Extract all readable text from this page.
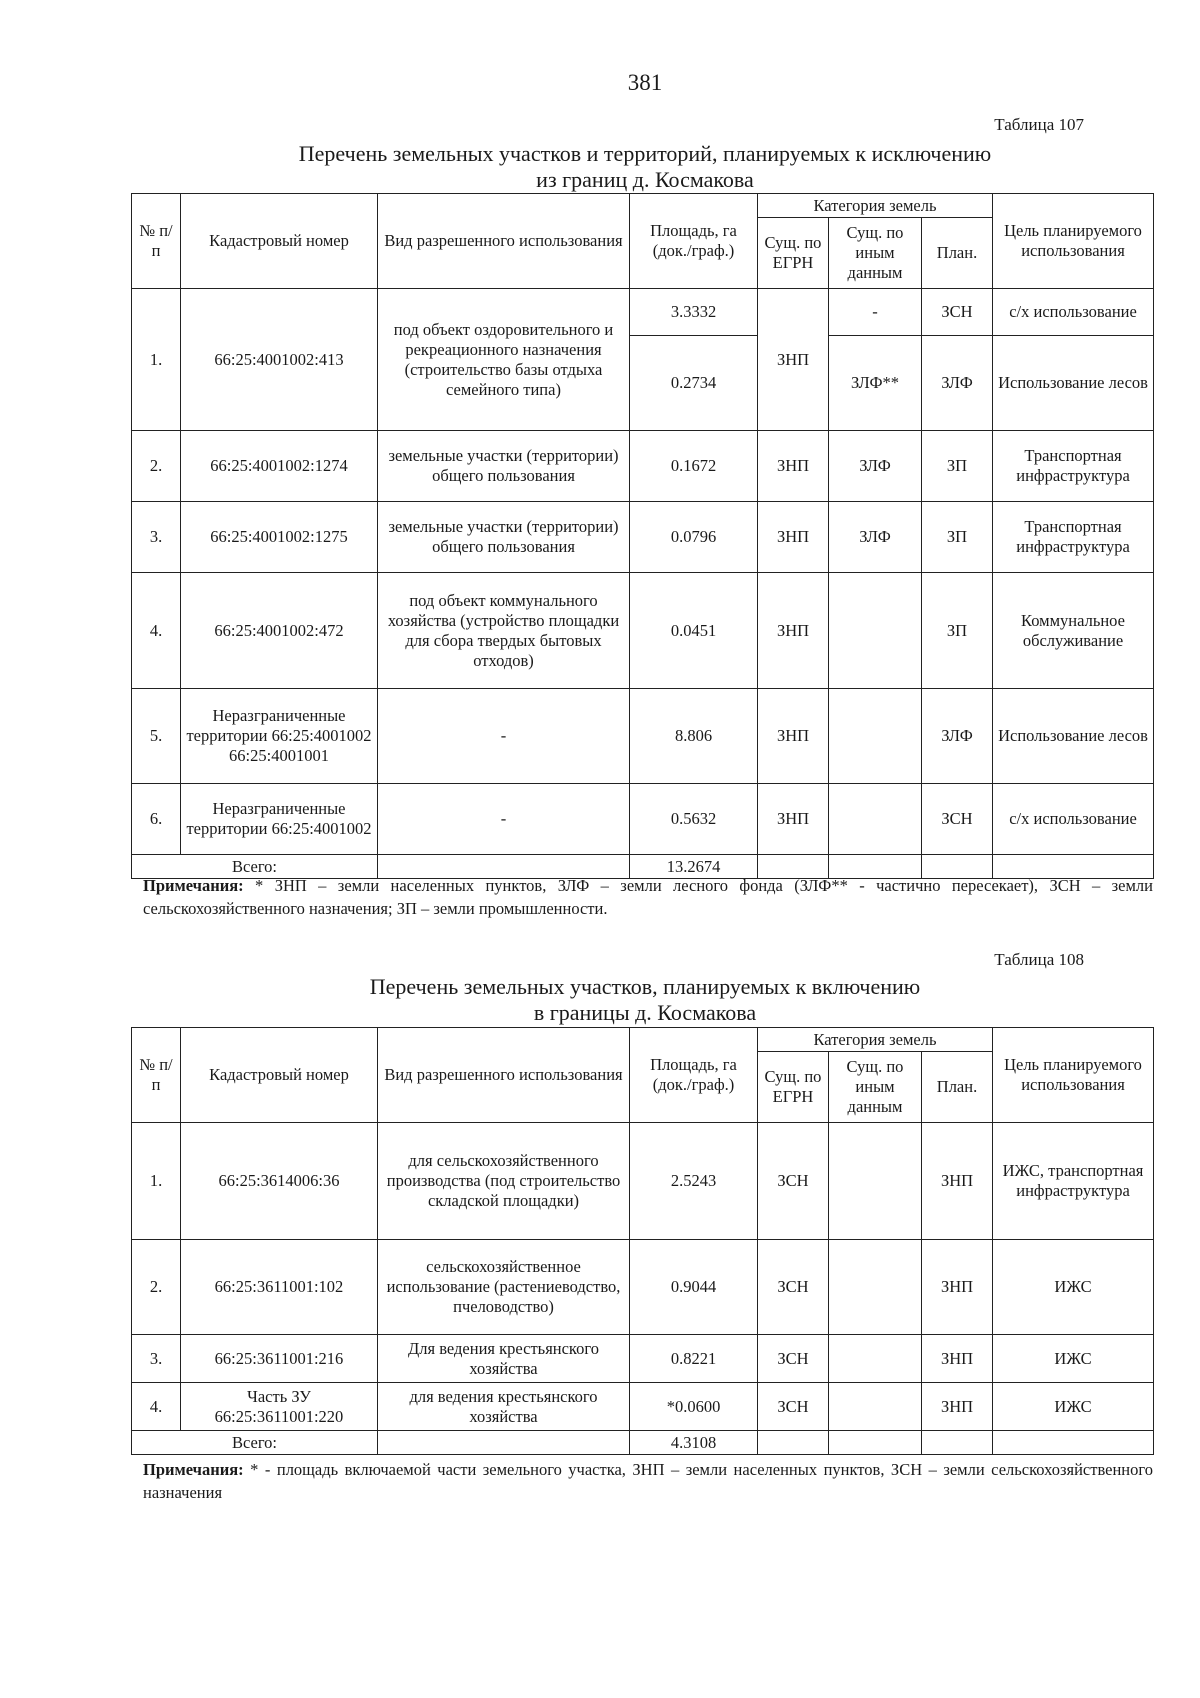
381
Таблица 107
Перечень земельных участков и территорий, планируемых к исключению
из границ д. Космакова
№ п/п	Кадастровый номер	Вид разрешенного использования	Площадь, га (док./граф.)	Категория земель			Цель планируемого использования
				Сущ. по ЕГРН	Сущ. по иным данным	План.	
1.	66:25:4001002:413	под объект оздоровительного и рекреационного назначения (строительство базы отдыха семейного типа)	3.3332	ЗНП	-	ЗСН	с/х использование
			0.2734		ЗЛФ**	ЗЛФ	Использование лесов
2.	66:25:4001002:1274	земельные участки (территории) общего пользования	0.1672	ЗНП	ЗЛФ	ЗП	Транспортная инфраструктура
3.	66:25:4001002:1275	земельные участки (территории) общего пользования	0.0796	ЗНП	ЗЛФ	ЗП	Транспортная инфраструктура
4.	66:25:4001002:472	под объект коммунального хозяйства (устройство площадки для сбора твердых бытовых отходов)	0.0451	ЗНП		ЗП	Коммунальное обслуживание
5.	Неразграниченные территории 66:25:4001002 66:25:4001001	-	8.806	ЗНП		ЗЛФ	Использование лесов
6.	Неразграниченные территории 66:25:4001002	-	0.5632	ЗНП		ЗСН	с/х использование
Всего:			13.2674				
Примечания: * ЗНП – земли населенных пунктов, ЗЛФ – земли лесного фонда (ЗЛФ** - частично пересекает), ЗСН – земли сельскохозяйственного назначения; ЗП – земли промышленности.
Таблица 108
Перечень земельных участков, планируемых к включению
в границы д. Космакова
№ п/п	Кадастровый номер	Вид разрешенного использования	Площадь, га (док./граф.)	Категория земель			Цель планируемого использования
				Сущ. по ЕГРН	Сущ. по иным данным	План.	
1.	66:25:3614006:36	для сельскохозяйственного производства (под строительство складской площадки)	2.5243	ЗСН		ЗНП	ИЖС, транспортная инфраструктура
2.	66:25:3611001:102	сельскохозяйственное использование (растениеводство, пчеловодство)	0.9044	ЗСН		ЗНП	ИЖС
3.	66:25:3611001:216	Для ведения крестьянского хозяйства	0.8221	ЗСН		ЗНП	ИЖС
4.	Часть ЗУ 66:25:3611001:220	для ведения крестьянского хозяйства	*0.0600	ЗСН		ЗНП	ИЖС
Всего:			4.3108				
Примечания: * - площадь включаемой части земельного участка, ЗНП – земли населенных пунктов, ЗСН – земли сельскохозяйственного назначения
